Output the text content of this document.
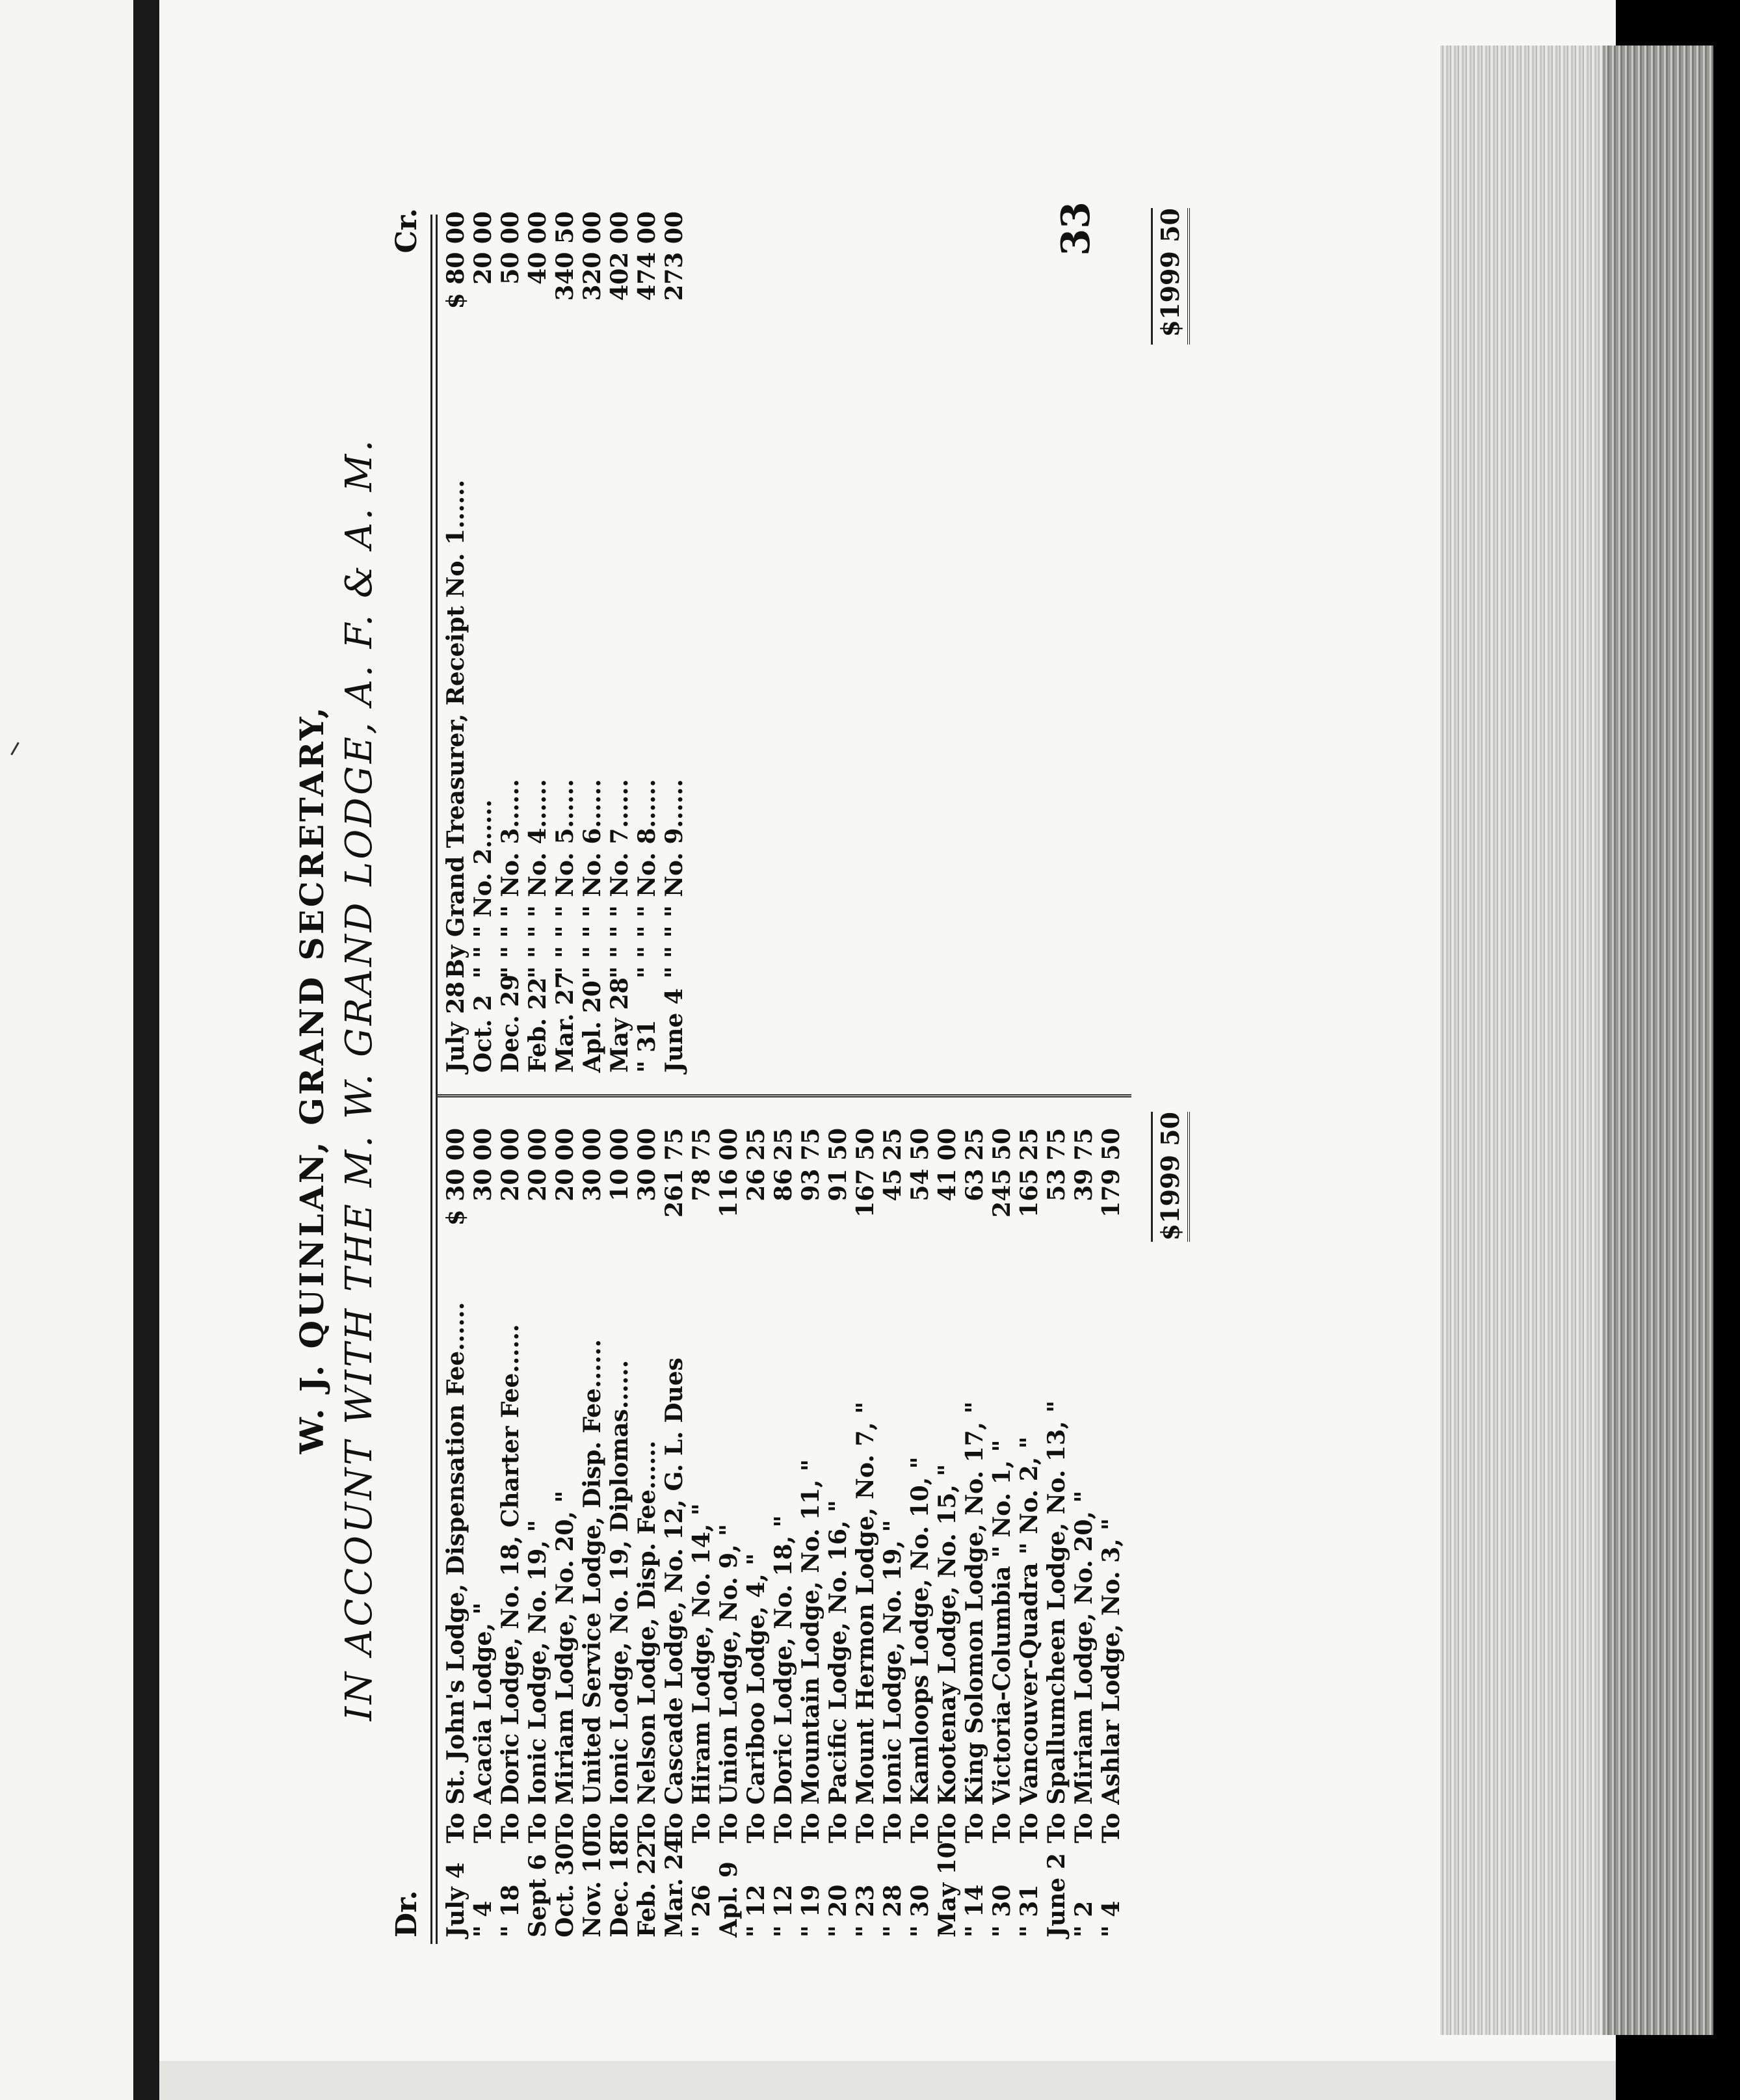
33
W. J. QUINLAN, GRAND SECRETARY, IN ACCOUNT WITH THE M. W. GRAND LODGE, A. F. & A. M.
Dr.
Cr.
July 4
To St. John's Lodge, Dispensation Fee......
$ 30 00
" 4
To Acacia Lodge, "
30 00
" 18
To Doric Lodge, No. 18, Charter Fee......
20 00
Sept 6
To Ionic Lodge, No. 19, "
20 00
Oct. 30
To Miriam Lodge, No. 20, "
20 00
Nov. 10
To United Service Lodge, Disp. Fee......
30 00
Dec. 18
To Ionic Lodge, No. 19, Diplomas......
10 00
Feb. 22
To Nelson Lodge, Disp. Fee......
30 00
Mar. 24
To Cascade Lodge, No. 12, G. L. Dues
261 75
" 26
To Hiram Lodge, No. 14, "
78 75
Apl. 9
To Union Lodge, No. 9, "
116 00
" 12
To Cariboo Lodge, 4, "
26 25
" 12
To Doric Lodge, No. 18, "
86 25
" 19
To Mountain Lodge, No. 11, "
93 75
" 20
To Pacific Lodge, No. 16, "
91 50
" 23
To Mount Hermon Lodge, No. 7, "
167 50
" 28
To Ionic Lodge, No. 19, "
45 25
" 30
To Kamloops Lodge, No. 10, "
54 50
May 10
To Kootenay Lodge, No. 15, "
41 00
" 14
To King Solomon Lodge, No. 17, "
63 25
" 30
To Victoria-Columbia " No. 1, "
245 50
" 31
To Vancouver-Quadra " No. 2, "
165 25
June 2
To Spallumcheen Lodge, No. 13, "
53 75
" 2
To Miriam Lodge, No. 20, "
39 75
" 4
To Ashlar Lodge, No. 3, "
179 50
July 28
By Grand Treasurer, Receipt No. 1......
$ 80 00
Oct. 2
" " " No. 2......
20 00
Dec. 29
" " " " No. 3......
50 00
Feb. 22
" " " " No. 4......
40 00
Mar. 27
" " " " No. 5......
340 50
Apl. 20
" " " " No. 6......
320 00
May 28
" " " " No. 7......
402 00
" 31
" " " " No. 8......
474 00
June 4
" " " " No. 9......
273 00
$1999 50
$1999 50
